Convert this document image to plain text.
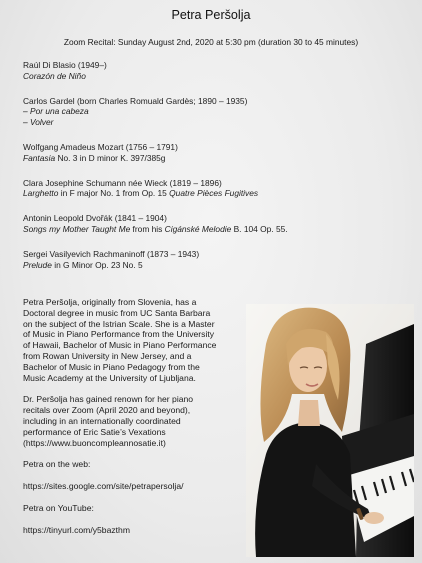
Petra Peršolja
Zoom Recital: Sunday August 2nd, 2020 at 5:30 pm (duration 30 to 45 minutes)
Raúl Di Blasio (1949–)
Corazón de Niño
Carlos Gardel (born Charles Romuald Gardès; 1890 – 1935)
– Por una cabeza
– Volver
Wolfgang Amadeus Mozart (1756 – 1791)
Fantasia No. 3 in D minor K. 397/385g
Clara Josephine Schumann née Wieck (1819 – 1896)
Larghetto in F major No. 1 from Op. 15 Quatre Pièces Fugitives
Antonin Leopold Dvořák (1841 – 1904)
Songs my Mother Taught Me from his Cigánské Melodie B. 104 Op. 55.
Sergei Vasilyevich Rachmaninoff (1873 – 1943)
Prelude in G Minor Op. 23 No. 5

Petra Peršolja, originally from Slovenia, has a
Doctoral degree in music from UC Santa Barbara
on the subject of the Istrian Scale. She is a Master
of Music in Piano Performance from the University
of Hawaii, Bachelor of Music in Piano Performance
from Rowan University in New Jersey, and a
Bachelor of Music in Piano Pedagogy from the
Music Academy at the University of Ljubljana.

Dr. Peršolja has gained renown for her piano
recitals over Zoom (April 2020 and beyond),
including in an internationally coordinated
performance of Eric Satie’s Vexations
(https://www.buoncompleannosatie.it)

Petra on the web:

https://sites.google.com/site/petrapersolja/

Petra on YouTube:

https://tinyurl.com/y5bazthm
